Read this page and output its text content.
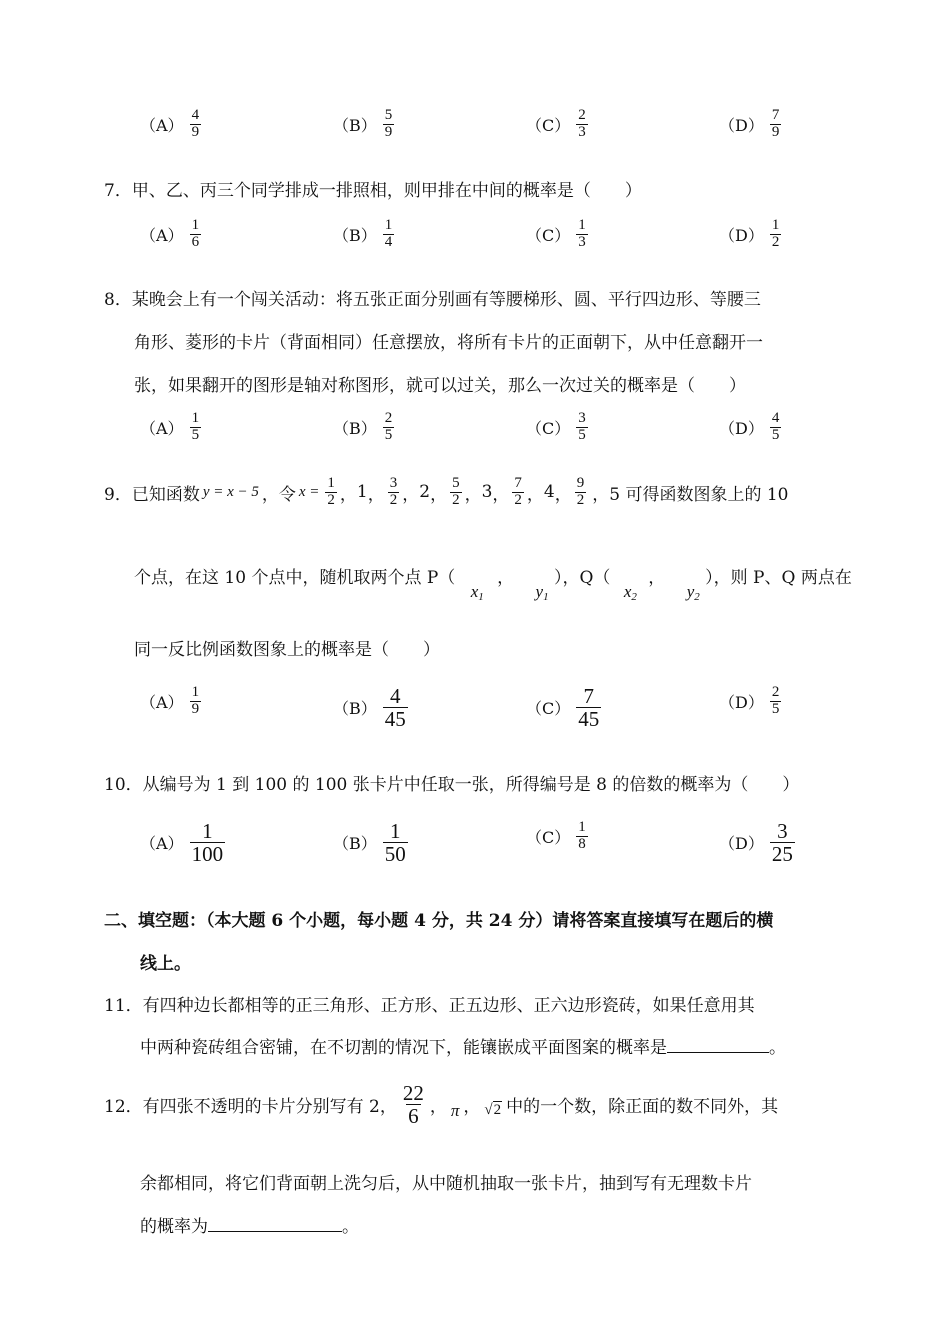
$(A) \frac{4}{9}$	$(B) \frac{5}{9}$	$(C) \frac{2}{3}$	$(D) \frac{7}{9}$
7．甲、乙、丙三个同学排成一排照相，则甲排在中间的概率是（　　）
$(A) \frac{1}{6}$	$(B) \frac{1}{4}$	$(C) \frac{1}{3}$	$(D) \frac{1}{2}$
8．某晚会上有一个闯关活动：将五张正面分别画有等腰梯形、圆、平行四边形、等腰三
角形、菱形的卡片（背面相同）任意摆放，将所有卡片的正面朝下，从中任意翻开一
张，如果翻开的图形是轴对称图形，就可以过关，那么一次过关的概率是（　　）
$(A) \frac{1}{5}$	$(B) \frac{2}{5}$	$(C) \frac{3}{5}$	$(D) \frac{4}{5}$
9．已知函数 y = x − 5 ，令 $x = \frac{1}{2}$ ， 1 ， $\frac{3}{2}$ ， 2 ， $\frac{5}{2}$ ， 3 ， $\frac{7}{2}$ ， 4 ， $\frac{9}{2}$ ，5 可得函数图象上的 10
个点，在这 10 个点中，随机取两个点 P（ $x_1$ ， $y_1$ ），Q（ $x_2$ ， $y_2$ ），则 P、Q 两点在
同一反比例函数图象上的概率是（　　）
$(A) \frac{1}{9}$	$(B) \frac{4}{45}$	$(C) \frac{7}{45}$	$(D) \frac{2}{5}$
10．从编号为 1 到 100 的 100 张卡片中任取一张，所得编号是 8 的倍数的概率为（　　）
$(A) \frac{1}{100}$	$(B) \frac{1}{50}$	$(C) \frac{1}{8}$	$(D) \frac{3}{25}$
二、填空题：（本大题 6 个小题，每小题 4 分，共 24 分）请将答案直接填写在题后的横
线上。
11．有四种边长都相等的正三角形、正方形、正五边形、正六边形瓷砖，如果任意用其
中两种瓷砖组合密铺，在不切割的情况下，能镶嵌成平面图案的概率是	。
12．有四张不透明的卡片分别写有 2， $\frac{22}{6}$ ， π ， √2 中的一个数，除正面的数不同外，其
余都相同，将它们背面朝上洗匀后，从中随机抽取一张卡片，抽到写有无理数卡片
的概率为	。
